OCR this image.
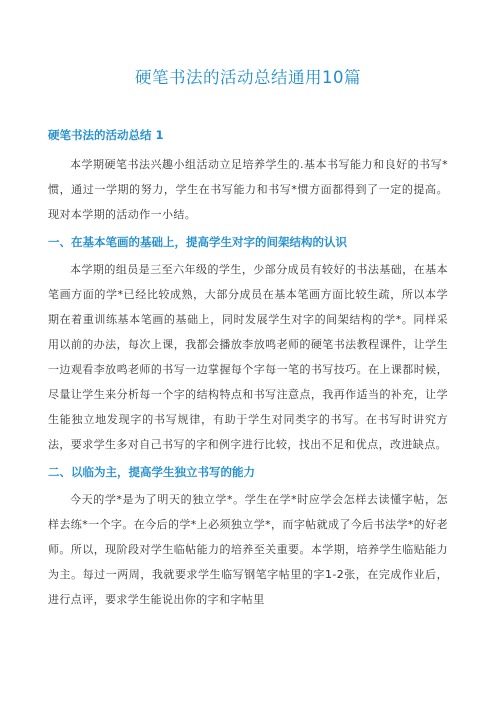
硬笔书法的活动总结通用10篇
硬笔书法的活动总结 1

本学期硬笔书法兴趣小组活动立足培养学生的.基本书写能力和良好的书写*惯，通过一学期的努力，学生在书写能力和书写*惯方面都得到了一定的提高。现对本学期的活动作一小结。

一、在基本笔画的基础上，提高学生对字的间架结构的认识

本学期的组员是三至六年级的学生，少部分成员有较好的书法基础，在基本笔画方面的学*已经比较成熟，大部分成员在基本笔画方面比较生疏，所以本学期在着重训练基本笔画的基础上，同时发展学生对字的间架结构的学*。同样采用以前的办法，每次上课，我都会播放李放鸣老师的硬笔书法教程课件，让学生一边观看李放鸣老师的书写一边掌握每个字每一笔的书写技巧。在上课都时候，尽量让学生来分析每一个字的结构特点和书写注意点，我再作适当的补充，让学生能独立地发现字的书写规律，有助于学生对同类字的书写。在书写时讲究方法，要求学生多对自己书写的字和例字进行比较，找出不足和优点，改进缺点。

二、以临为主，提高学生独立书写的能力

今天的学*是为了明天的独立学*。学生在学*时应学会怎样去读懂字帖，怎样去练*一个字。在今后的学*上必须独立学*，而字帖就成了今后书法学*的好老师。所以，现阶段对学生临帖能力的培养至关重要。本学期，培养学生临贴能力为主。每过一两周，我就要求学生临写钢笔字帖里的字1-2张，在完成作业后，进行点评，要求学生能说出你的字和字帖里
